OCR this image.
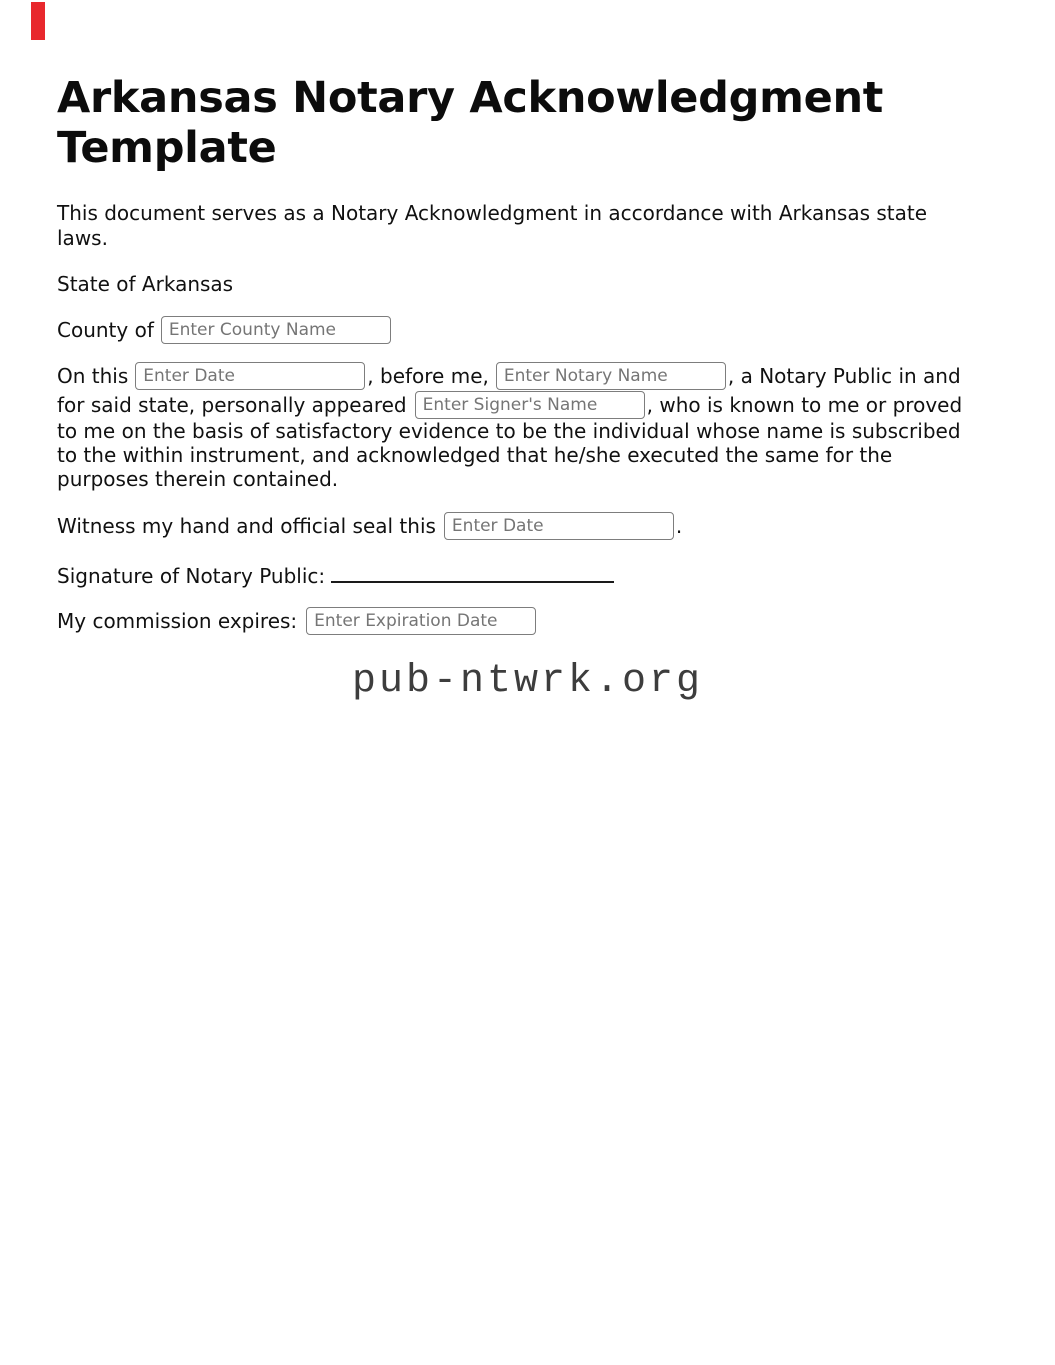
Arkansas Notary Acknowledgment
Template
This document serves as a Notary Acknowledgment in accordance with Arkansas state
laws.
State of Arkansas
County of
Enter County Name
On this
Enter Date	, before me,
Enter Notary Name	, a Notary Public in and
for said state, personally appeared
Enter Signer's Name	, who is known to me or proved
to me on the basis of satisfactory evidence to be the individual whose name is subscribed
to the within instrument, and acknowledged that he/she executed the same for the
purposes therein contained.
Witness my hand and official seal this
Enter Date	.
Signature of Notary Public:
My commission expires:
Enter Expiration Date
pub-ntwrk.org
